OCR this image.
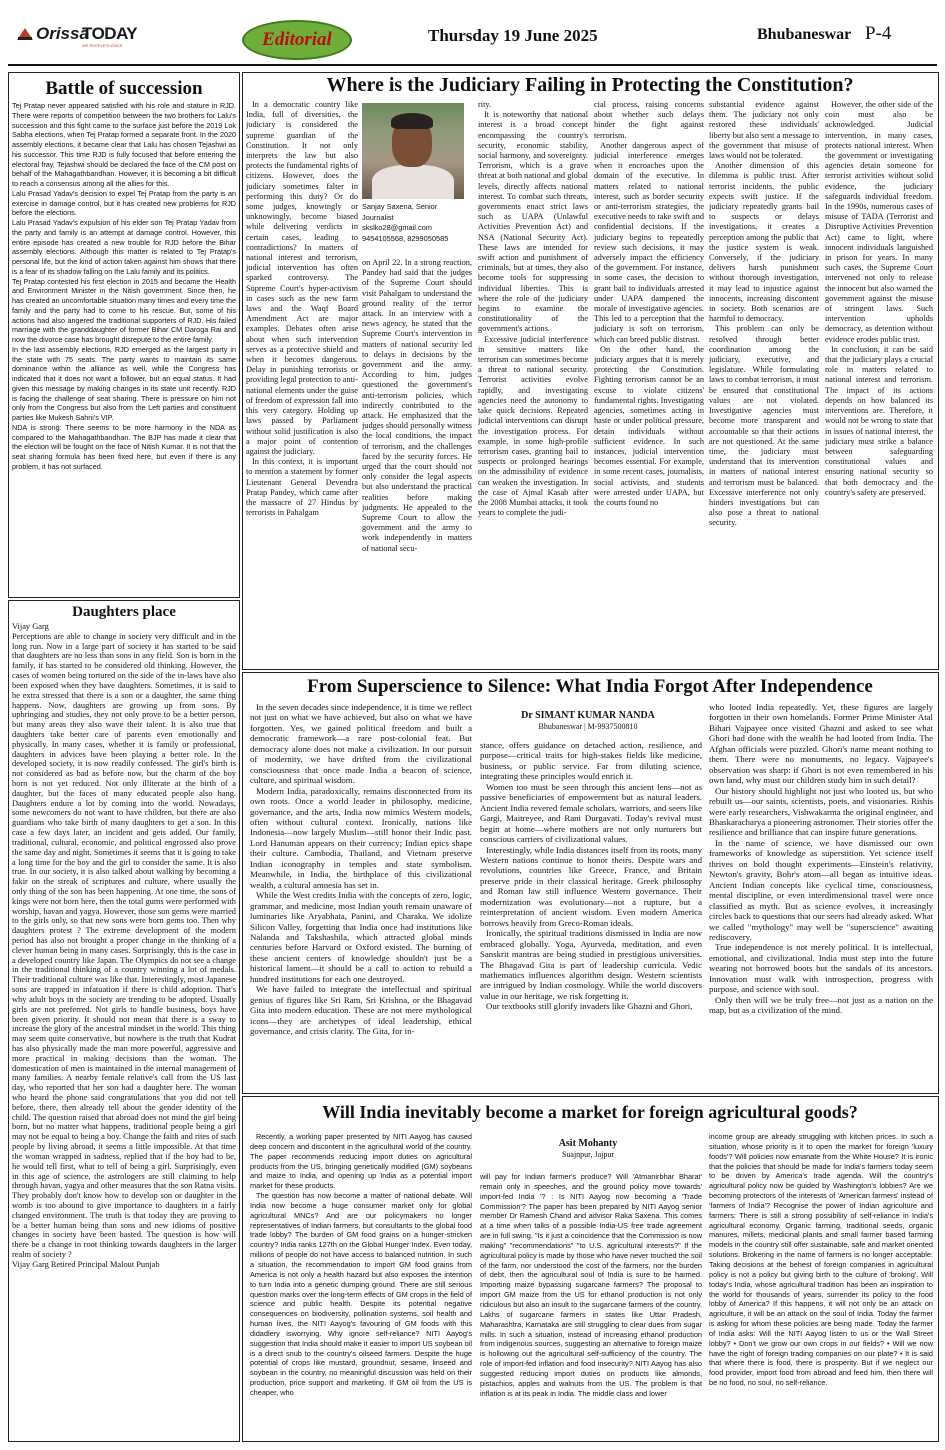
Orissa
TODAY
WE PEOPLE'S VOICE	Editorial	Thursday 19 June 2025	Bhubaneswar P-4
Battle of succession

Tej Pratap never appeared satisfied with his role and stature in RJD. There were reports of competition between the two brothers for Lalu's succession and this fight came to the surface just before the 2019 Lok Sabha elections, when Tej Pratap formed a separate front. In the 2020 assembly elections, it became clear that Lalu has chosen Tejashwi as his successor. This time RJD is fully focused that before entering the electoral fray, Tejashwi should be declared the face of the CM post on behalf of the Mahagathbandhan. However, it is becoming a bit difficult to reach a consensus among all the allies for this.

Lalu Prasad Yadav's decision to expel Tej Pratap from the party is an exercise in damage control, but it has created new problems for RJD before the elections.

Lalu Prasad Yadav's expulsion of his elder son Tej Pratap Yadav from the party and family is an attempt at damage control. However, this entire episode has created a new trouble for RJD before the Bihar assembly elections. Although this matter is related to Tej Pratap's personal life, but the kind of action taken against him shows that there is a fear of its shadow falling on the Lalu family and its politics.

Tej Pratap contested his first election in 2015 and became the Health and Environment Minister in the Nitish government. Since then, he has created an uncomfortable situation many times and every time the family and the party had to come to his rescue. But, some of his actions had also angered the traditional supporters of RJD. His failed marriage with the granddaughter of former Bihar CM Daroga Rai and now the divorce case has brought disrepute to the entire family.

In the last assembly elections, RJD emerged as the largest party in the state with 75 seats. The party wants to maintain its same dominance within the alliance as well, while the Congress has indicated that it does not want a follower, but an equal status. It had given this message by making changes in its state unit recently. RJD is facing the challenge of seat sharing. There is pressure on him not only from the Congress but also from the Left parties and constituent parties like Mukesh Sahni's VIP.

NDA is strong: There seems to be more harmony in the NDA as compared to the Mahagathbandhan. The BJP has made it clear that the election will be fought on the face of Nitish Kumar. It is not that the seat sharing formula has been fixed here, but even if there is any problem, it has not surfaced.

Daughters place

Vijay Garg

Perceptions are able to change in society very difficult and in the long run. Now in a large part of society it has started to be said that daughters are no less than sons in any field. Son is born in the family, it has started to be considered old thinking. However, the cases of women being tortured on the side of the in-laws have also been exposed when they have daughters. Sometimes, it is said to be extra stressed that there is a son or a daughter, the same thing happens. Now, daughters are growing up from sons. By upbringing and studies, they not only prove to be a better person, but many areas they also wave their talent. It is also true that daughters take better care of parents even emotionally and physically. In many cases, whether it is family or professional, daughters in advices have been playing a better role. In the developed society, it is now readily confessed. The girl's birth is not considered as bad as before now, but the charm of the boy born is not yet reduced. Not only illiterate at the birth of a daughter, but the faces of many educated people also hang. Daughters endure a lot by coming into the world. Nowadays, some newcomers do not want to have children, but there are also guardians who take birth of many daughters to get a son. In this case a few days later, an incident and gets added. Our family, traditional, cultural, economic, and political engrossed also prove the same day and night. Sometimes it seems that it is going to take a long time for the boy and the girl to consider the same. It is also true. In our society, it is also talked about walking by becoming a fakir on the streak of scriptures and culture, where usually the only thing of the son has been happening. At one time, the sons of kings were not born here, then the total gums were performed with worship, havan and yagya. However, those son gems were married to the girls only, so that new sons were born gems too. Then why daughters protest ? The extreme development of the modern period has also not brought a proper change in the thinking of a clever human being in many cases. Surprisingly, this is the case in a developed country like Japan. The Olympics do not see a change in the traditional thinking of a country winning a lot of medals. Their traditional culture was like that. Interestingly, most Japanese sons are trapped in infatuation if there is child adoption. That's why adult boys in the society are trending to be adopted. Usually girls are not preferred. Not girls to handle business, boys have been given priority. It should not mean that there is a sway to increase the glory of the ancestral mindset in the world. This thing may seem quite conservative, but nowhere is the truth that Kudrat has also physically made the man more powerful, aggressive and more practical in making decisions than the woman. The domestication of men is maintained in the internal management of many families. A nearby female relative's call from the US last day, who reported that her son had a daughter here. The woman who heard the phone said congratulations that you did not tell before, there, then already tell about the gender identity of the child. The question raised that abroad does not mind the girl being born, but no matter what happens, traditional people being a girl may not be equal to being a boy. Change the faith and rites of such people by living abroad, it seems a little impossible. At that time the woman wrapped in sadness, replied that if the boy had to be, he would tell first, what to tell of being a girl. Surprisingly, even in this age of science, the astrologers are still claiming to help through havan, yagya and other measures that the son Ratna visits. They probably don't know how to develop son or daughter in the womb is too abound to give importance to daughters in a fairly changed environment. The truth is that today they are proving to be a better human being than sons and new idioms of positive changes in society have been basted. The question is how will there be a change in root thinking towards daughters in the larger realm of society ?

Vijay Garg Retired Principal Malout Punjab

Where is the Judiciary Failing in Protecting the Constitution?

In a democratic country like India, full of diversities, the judiciary is considered the supreme guardian of the Constitution. It not only interprets the law but also protects the fundamental rights of citizens. However, does the judiciary sometimes falter in performing this duty? Or do some judges, knowingly or unknowingly, become biased while delivering verdicts in certain cases, leading to contradictions? In matters of national interest and terrorism, judicial intervention has often sparked controversy. The Supreme Court's hyper-activism in cases such as the new farm laws and the Waqf Board Amendment Act are major examples. Debates often arise about when such intervention serves as a protective shield and when it becomes dangerous. Delay in punishing terrorists or providing legal protection to anti-national elements under the guise of freedom of expression fall into this very category. Holding up laws passed by Parliament without solid justification is also a major point of contention against the judiciary.

In this context, it is important to mention a statement by former Lieutenant General Devendra Pratap Pandey, which came after the massacre of 27 Hindus by terrorists in Pahalgam

Sanjay Saxena, Senior
Journalist
sksl​ko28@gmail.com
9454105568, 8299050585

on April 22. In a strong reaction, Pandey had said that the judges of the Supreme Court should visit Pahalgam to understand the ground reality of the terror attack. In an interview with a news agency, he stated that the Supreme Court's intervention in matters of national security led to delays in decisions by the government and the army. According to him, judges questioned the government's anti-terrorism policies, which indirectly contributed to the attack. He emphasized that the judges should personally witness the local conditions, the impact of terrorism, and the challenges faced by the security forces. He urged that the court should not only consider the legal aspects but also understand the practical realities before making judgments. He appealed to the Supreme Court to allow the government and the army to work independently in matters of national secu-

rity.

It is noteworthy that national interest is a broad concept encompassing the country's security, economic stability, social harmony, and sovereignty. Terrorism, which is a grave threat at both national and global levels, directly affects national interest. To combat such threats, governments enact strict laws such as UAPA (Unlawful Activities Prevention Act) and NSA (National Security Act). These laws are intended for swift action and punishment of criminals, but at times, they also become tools for suppressing individual liberties. This is where the role of the judiciary begins to examine the constitutionality of the government's actions.

Excessive judicial interference in sensitive matters like terrorism can sometimes become a threat to national security. Terrorist activities evolve rapidly, and investigating agencies need the autonomy to take quick decisions. Repeated judicial interventions can disrupt the investigation process. For example, in some high-profile terrorism cases, granting bail to suspects or prolonged hearings on the admissibility of evidence can weaken the investigation. In the case of Ajmal Kasab after the 2008 Mumbai attacks, it took years to complete the judi-

cial process, raising concerns about whether such delays hinder the fight against terrorism.

Another dangerous aspect of judicial interference emerges when it encroaches upon the domain of the executive. In matters related to national interest, such as border security or anti-terrorism strategies, the executive needs to take swift and confidential decisions. If the judiciary begins to repeatedly review such decisions, it may adversely impact the efficiency of the government. For instance, in some cases, the decision to grant bail to individuals arrested under UAPA dampened the morale of investigative agencies. This led to a perception that the judiciary is soft on terrorism, which can breed public distrust.

On the other hand, the judiciary argues that it is merely protecting the Constitution. Fighting terrorism cannot be an excuse to violate citizens' fundamental rights. Investigating agencies, sometimes acting in haste or under political pressure, detain individuals without sufficient evidence. In such instances, judicial intervention becomes essential. For example, in some recent cases, journalists, social activists, and students were arrested under UAPA, but the courts found no

substantial evidence against them. The judiciary not only restored these individuals' liberty but also sent a message to the government that misuse of laws would not be tolerated.

Another dimension of this dilemma is public trust. After terrorist incidents, the public expects swift justice. If the judiciary repeatedly grants bail to suspects or delays investigations, it creates a perception among the public that the justice system is weak. Conversely, if the judiciary delivers harsh punishment without thorough investigation, it may lead to injustice against innocents, increasing discontent in society. Both scenarios are harmful to democracy.

This problem can only be resolved through better coordination among the judiciary, executive, and legislature. While formulating laws to combat terrorism, it must be ensured that constitutional values are not violated. Investigative agencies must become more transparent and accountable so that their actions are not questioned. At the same time, the judiciary must understand that its intervention in matters of national interest and terrorism must be balanced. Excessive interference not only hinders investigations but can also pose a threat to national security.

However, the other side of the coin must also be acknowledged. Judicial intervention, in many cases, protects national interest. When the government or investigating agencies detain someone for terrorist activities without solid evidence, the judiciary safeguards individual freedom. In the 1990s, numerous cases of misuse of TADA (Terrorist and Disruptive Activities Prevention Act) came to light, where innocent individuals languished in prison for years. In many such cases, the Supreme Court intervened not only to release the innocent but also warned the government against the misuse of stringent laws. Such intervention upholds democracy, as detention without evidence erodes public trust.

In conclusion, it can be said that the judiciary plays a crucial role in matters related to national interest and terrorism. The impact of its actions depends on how balanced its interventions are. Therefore, it would not be wrong to state that in issues of national interest, the judiciary must strike a balance between safeguarding constitutional values and ensuring national security so that both democracy and the country's safety are preserved.

From Superscience to Silence: What India Forgot After Independence

In the seven decades since independence, it is time we reflect not just on what we have achieved, but also on what we have forgotten. Yes, we gained political freedom and built a democratic framework—a rare post-colonial feat. But democracy alone does not make a civilization. In our pursuit of modernity, we have drifted from the civilizational consciousness that once made India a beacon of science, culture, and spiritual wisdom.

Modern India, paradoxically, remains disconnected from its own roots. Once a world leader in philosophy, medicine, governance, and the arts, India now mimics Western models, often without cultural context. Ironically, nations like Indonesia—now largely Muslim—still honor their Indic past. Lord Hanuman appears on their currency; Indian epics shape their culture. Cambodia, Thailand, and Vietnam preserve Indian iconography in temples and state symbolism. Meanwhile, in India, the birthplace of this civilizational wealth, a cultural amnesia has set in.

While the West credits India with the concepts of zero, logic, grammar, and medicine, most Indian youth remain unaware of luminaries like Aryabhata, Panini, and Charaka. We idolize Silicon Valley, forgetting that India once had institutions like Nalanda and Takshashila, which attracted global minds centuries before Harvard or Oxford existed. The burning of these ancient centers of knowledge shouldn't just be a historical lament—it should be a call to action to rebuild a hundred institutions for each one destroyed.

We have failed to integrate the intellectual and spiritual genius of figures like Sri Ram, Sri Krishna, or the Bhagavad Gita into modern education. These are not mere mythological icons—they are archetypes of ideal leadership, ethical governance, and crisis clarity. The Gita, for in-

Dr SIMANT KUMAR NANDA
Bhubaneswar | M-9937500810

stance, offers guidance on detached action, resilience, and purpose—critical traits for high-stakes fields like medicine, business, or public service. Far from diluting science, integrating these principles would enrich it.

Women too must be seen through this ancient lens—not as passive beneficiaries of empowerment but as natural leaders. Ancient India revered female scholars, warriors, and seers like Gargi, Maitreyee, and Rani Durgavati. Today's revival must begin at home—where mothers are not only nurturers but conscious carriers of civilizational values.

Interestingly, while India distances itself from its roots, many Western nations continue to honor theirs. Despite wars and revolutions, countries like Greece, France, and Britain preserve pride in their classical heritage. Greek philosophy and Roman law still influence Western governance. Their modernization was evolutionary—not a rupture, but a reinterpretation of ancient wisdom. Even modern America borrows heavily from Greco-Roman ideals.

Ironically, the spiritual traditions dismissed in India are now embraced globally. Yoga, Ayurveda, meditation, and even Sanskrit mantras are being studied in prestigious universities. The Bhagavad Gita is part of leadership curricula. Vedic mathematics influences algorithm design. Western scientists are intrigued by Indian cosmology. While the world discovers value in our heritage, we risk forgetting it.

Our textbooks still glorify invaders like Ghazni and Ghori,

who looted India repeatedly. Yet, these figures are largely forgotten in their own homelands. Former Prime Minister Atal Bihari Vajpayee once visited Ghazni and asked to see what Ghori had done with the wealth he had looted from India. The Afghan officials were puzzled. Ghori's name meant nothing to them. There were no monuments, no legacy. Vajpayee's observation was sharp: if Ghori is not even remembered in his own land, why must our children study him in such detail?

Our history should highlight not just who looted us, but who rebuilt us—our saints, scientists, poets, and visionaries. Rishis were early researchers, Vishwakarma the original engineer, and Bhaskaracharya a pioneering astronomer. Their stories offer the resilience and brilliance that can inspire future generations.

In the name of science, we have dismissed our own frameworks of knowledge as superstition. Yet science itself thrives on bold thought experiments—Einstein's relativity, Newton's gravity, Bohr's atom—all began as intuitive ideas. Ancient Indian concepts like cyclical time, consciousness, mental discipline, or even interdimensional travel were once classified as myth. But as science evolves, it increasingly circles back to questions that our seers had already asked. What we called "mythology" may well be "superscience" awaiting rediscovery.

True independence is not merely political. It is intellectual, emotional, and civilizational. India must step into the future wearing not borrowed boots but the sandals of its ancestors. Innovation must walk with introspection, progress with purpose, and science with soul.

Only then will we be truly free—not just as a nation on the map, but as a civilization of the mind.

Will India inevitably become a market for foreign agricultural goods?

Recently, a working paper presented by NITI Aayog has caused deep concern and discontent in the agricultural world of the country. The paper recommends reducing import duties on agricultural products from the US, bringing genetically modified (GM) soybeans and maize to India, and opening up India as a potential import market for these products.

The question has now become a matter of national debate. Will India now become a huge consumer market only for global agricultural MNCs? And are our policymakers no longer representatives of Indian farmers, but consultants to the global food trade lobby? The burden of GM food grains on a hunger-stricken country? India ranks 127th on the Global Hunger Index. Even today, millions of people do not have access to balanced nutrition. In such a situation, the recommendation to import GM food grains from America is not only a health hazard but also exposes the intention to turn India into a genetic dumping ground. There are still serious question marks over the long-term effects of GM crops in the field of science and public health. Despite its potential negative consequences on biodiversity, pollination systems, soil health and human lives, the NITI Aayog's favouring of GM foods with this didadlery isworrying. Why ignore self-reliance? NITI Aayog's suggestion that India should make it easier to import US soybean oil is a direct snub to the country's oilseed farmers. Despite the huge potential of crops like mustard, groundnut, sesame, linseed and soybean in the country, no meaningful discussion was held on their production, price support and marketing. If GM oil from the US is cheaper, who

Asit Mohanty
Suajnpur, Jajpur

will pay for Indian farmer's produce? Will 'Atmanirbhar Bharat' remain only in speeches, and the ground policy move towards' import-fed India '? : Is NITI Aayog now becoming a 'Trade Commission'? The paper has been prepared by NITI Aayog senior member Dr Ramesh Chand and advisor Raka Saxena. This comes at a time when talks of a possible India-US free trade agreement are in full swing. "Is it just a coincidence that the Commission is now making" "recommendations" "to U.S. agricultural interests?" If the agricultural policy is made by those who have never touched the soil of the farm, nor understood the cost of the farmers, nor the burden of debt, then the agricultural soul of India is sure to be harmed. Importing maize bypassing sugarcane farmers? The proposal to import GM maize from the US for ethanol production is not only ridiculous but also an insult to the sugarcane farmers of the country. Lakhs of sugarcane farmers in states like Uttar Pradesh, Maharashtra, Karnataka are still struggling to clear dues from sugar mills. In such a situation, instead of increasing ethanol production from indigenous sources, suggesting an alternative to foreign maize is hollowing out the agricultural self-sufficiency of the country. The role of import-fed inflation and food insecurity? NITI Aayog has also suggested reducing import duties on products like almonds, pistachios, apples and walnuts from the US. The problem is that inflation is at its peak in India. The middle class and lower

income group are already struggling with kitchen prices. In such a situation, whose priority is it to open the market for foreign 'luxury foods'? Will policies now emanate from the White House? It is ironic that the policies that should be made for India's farmers today seem to be driven by America's trade agenda. Will the country's agricultural policy now be guided by Washington's lobbies? Are we becoming protectors of the interests of 'American farmers' instead of 'farmers of India'? Recognise the power of Indian agriculture and farmers: There is still a strong possibility of self-reliance in India's agricultural economy. Organic farming, traditional seeds, organic manures, millets, medicinal plants and small farmer based farming models in the country still offer sustainable, safe and market oriented solutions. Brokering in the name of farmers is no longer acceptable: Taking decisions at the behest of foreign companies in agricultural policy is not a policy but giving birth to the culture of 'broking'. Will today's India, whose agricultural tradition has been an inspiration to the world for thousands of years, surrender its policy to the food lobby of America? If this happens, it will not only be an attack on agriculture, it will be an attack on the soul of India. Today the farmer is asking for whom these policies are being made. Today the farmer of India asks: Will the NITI Aayog listen to us or the Wall Street lobby? • Don't we grow our own crops in our fields? • Will we now have the right of foreign trading companies on our plate? • It is said that where there is food, there is prosperity. But if we neglect our food provider, import food from abroad and feed him, then there will be no food, no soul, no self-reliance.
